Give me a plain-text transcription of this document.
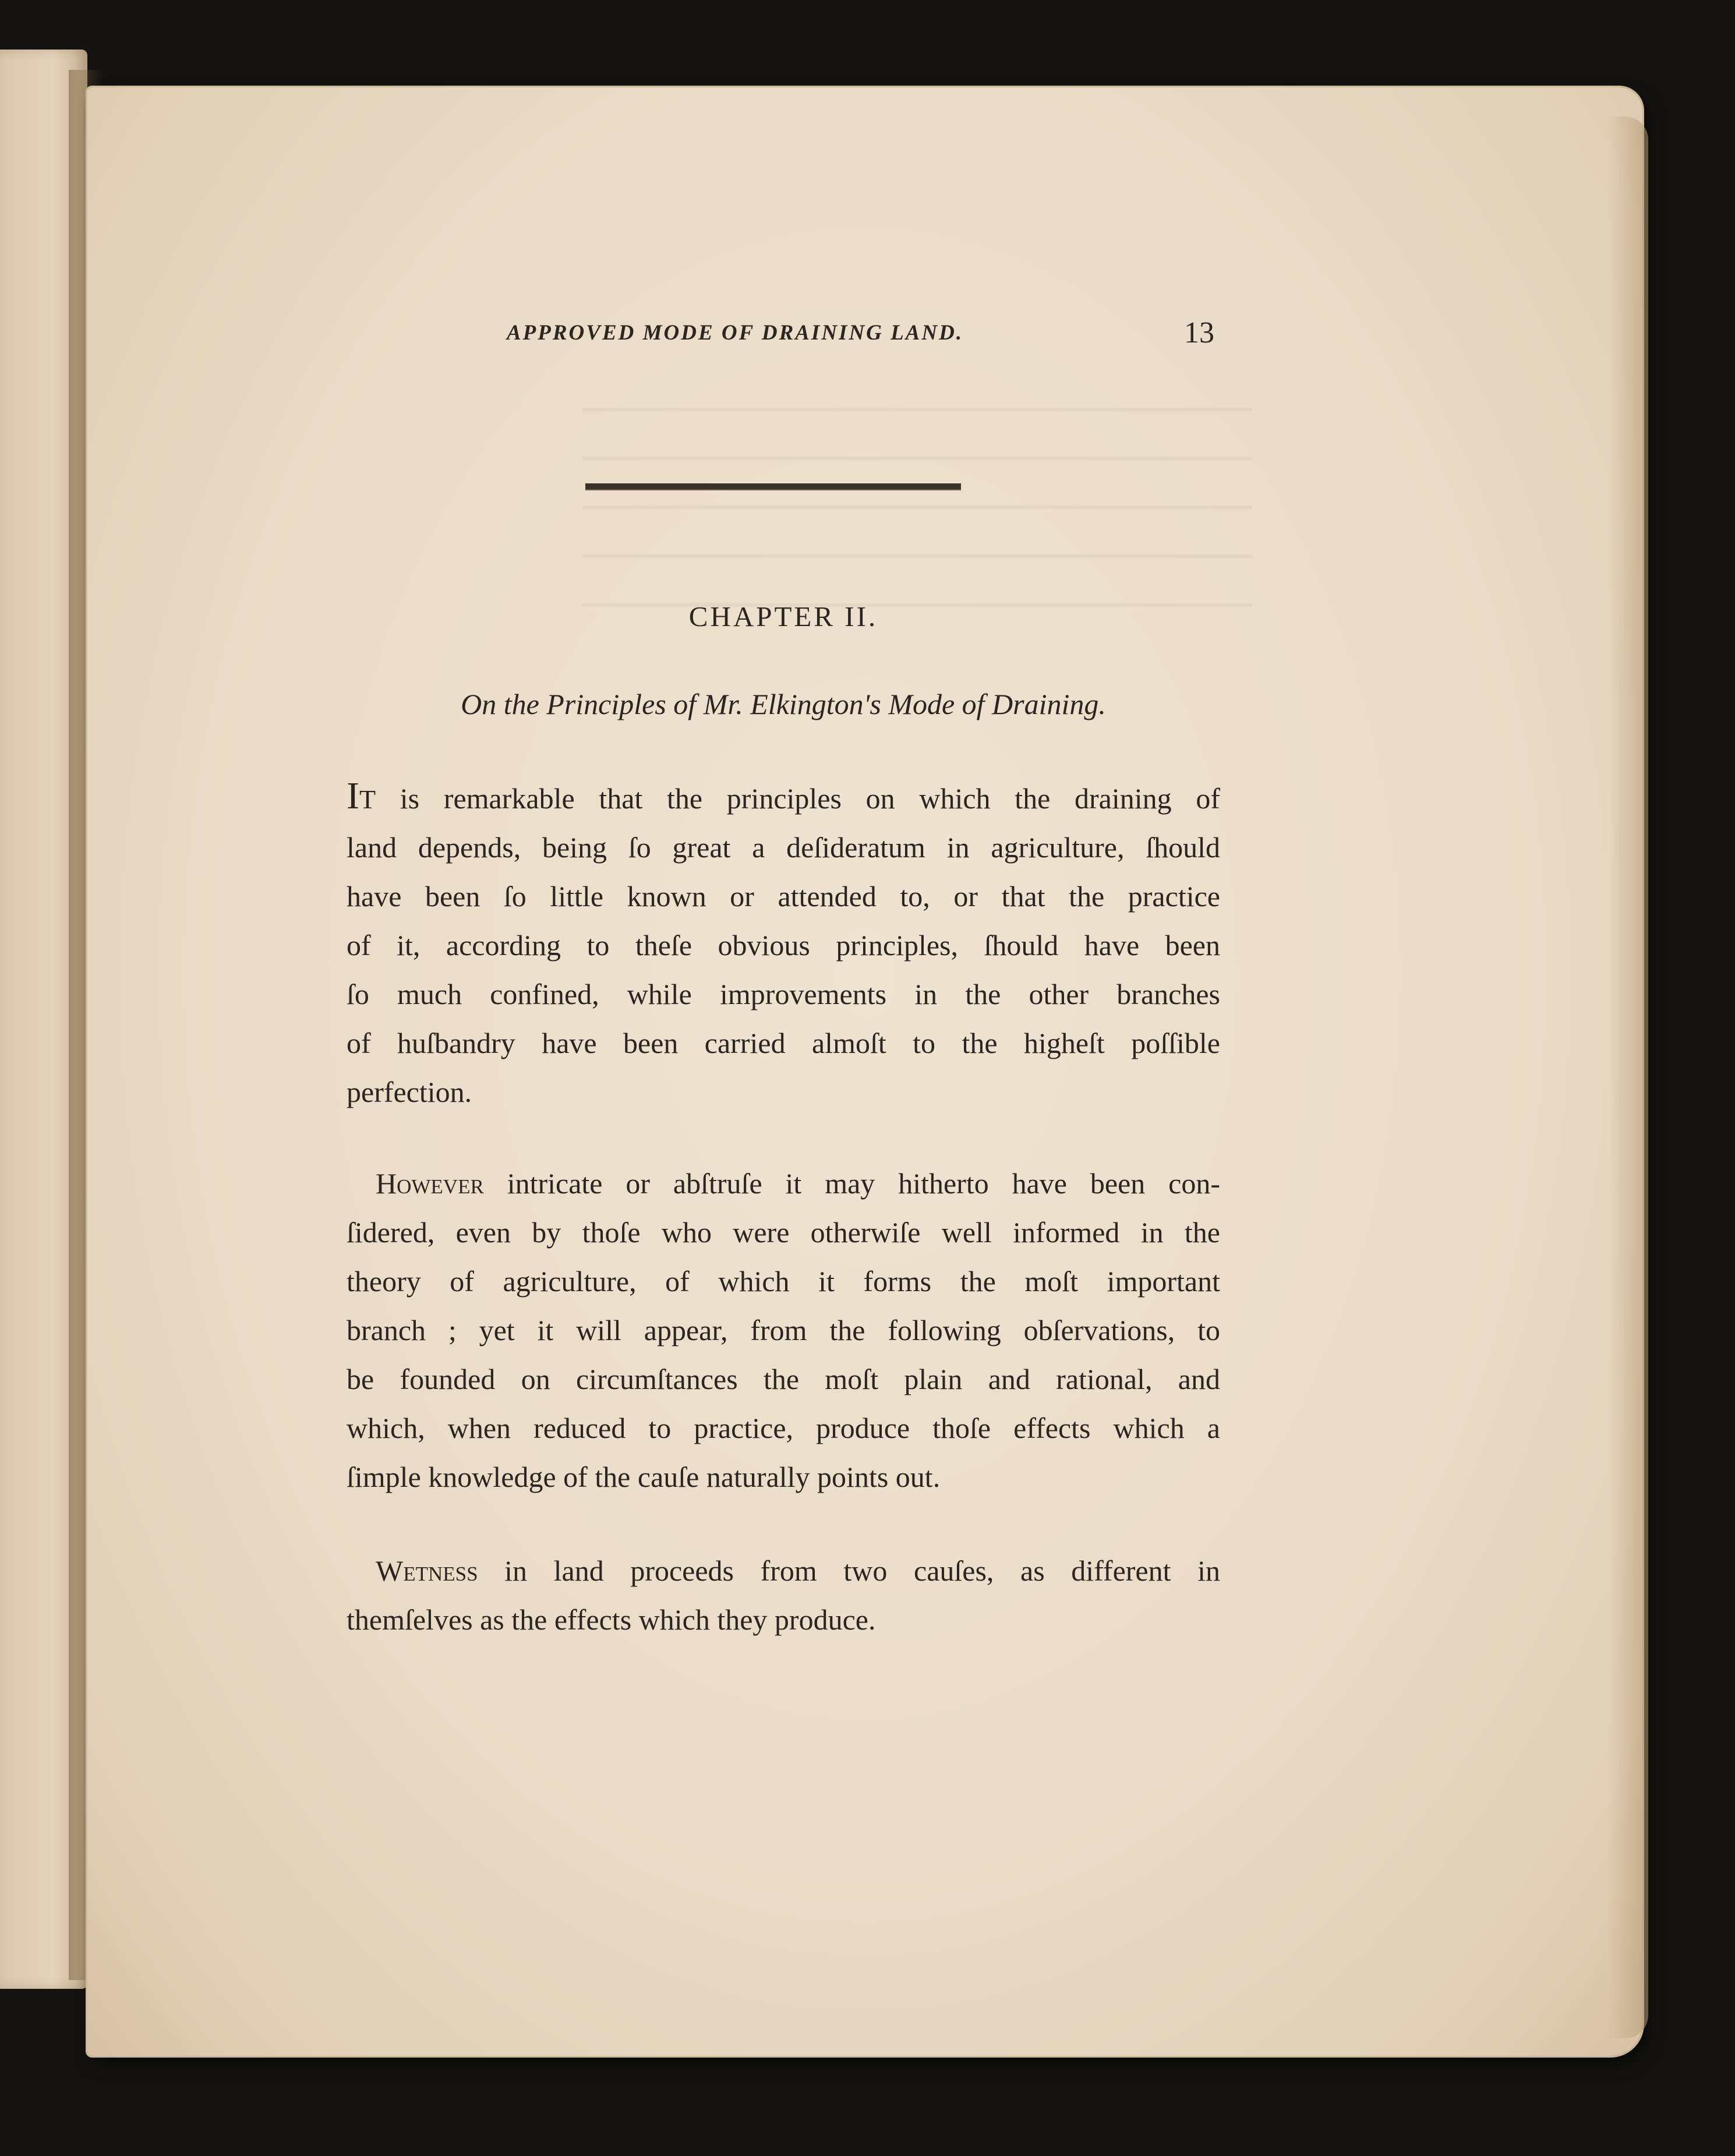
APPROVED MODE OF DRAINING LAND.	13
CHAPTER II.
On the Principles of Mr. Elkington's Mode of Draining.
It is remarkable that the principles on which the draining of
land depends, being ſo great a deſideratum in agriculture, ſhould
have been ſo little known or attended to, or that the practice
of it, according to theſe obvious principles, ſhould have been
ſo much confined, while improvements in the other branches
of huſbandry have been carried almoſt to the higheſt poſſible
perfection.
 However intricate or abſtruſe it may hitherto have been con-
ſidered, even by thoſe who were otherwiſe well informed in the
theory of agriculture, of which it forms the moſt important
branch ; yet it will appear, from the following obſervations, to
be founded on circumſtances the moſt plain and rational, and
which, when reduced to practice, produce thoſe effects which a
ſimple knowledge of the cauſe naturally points out.
 Wetness in land proceeds from two cauſes, as different in
themſelves as the effects which they produce.
